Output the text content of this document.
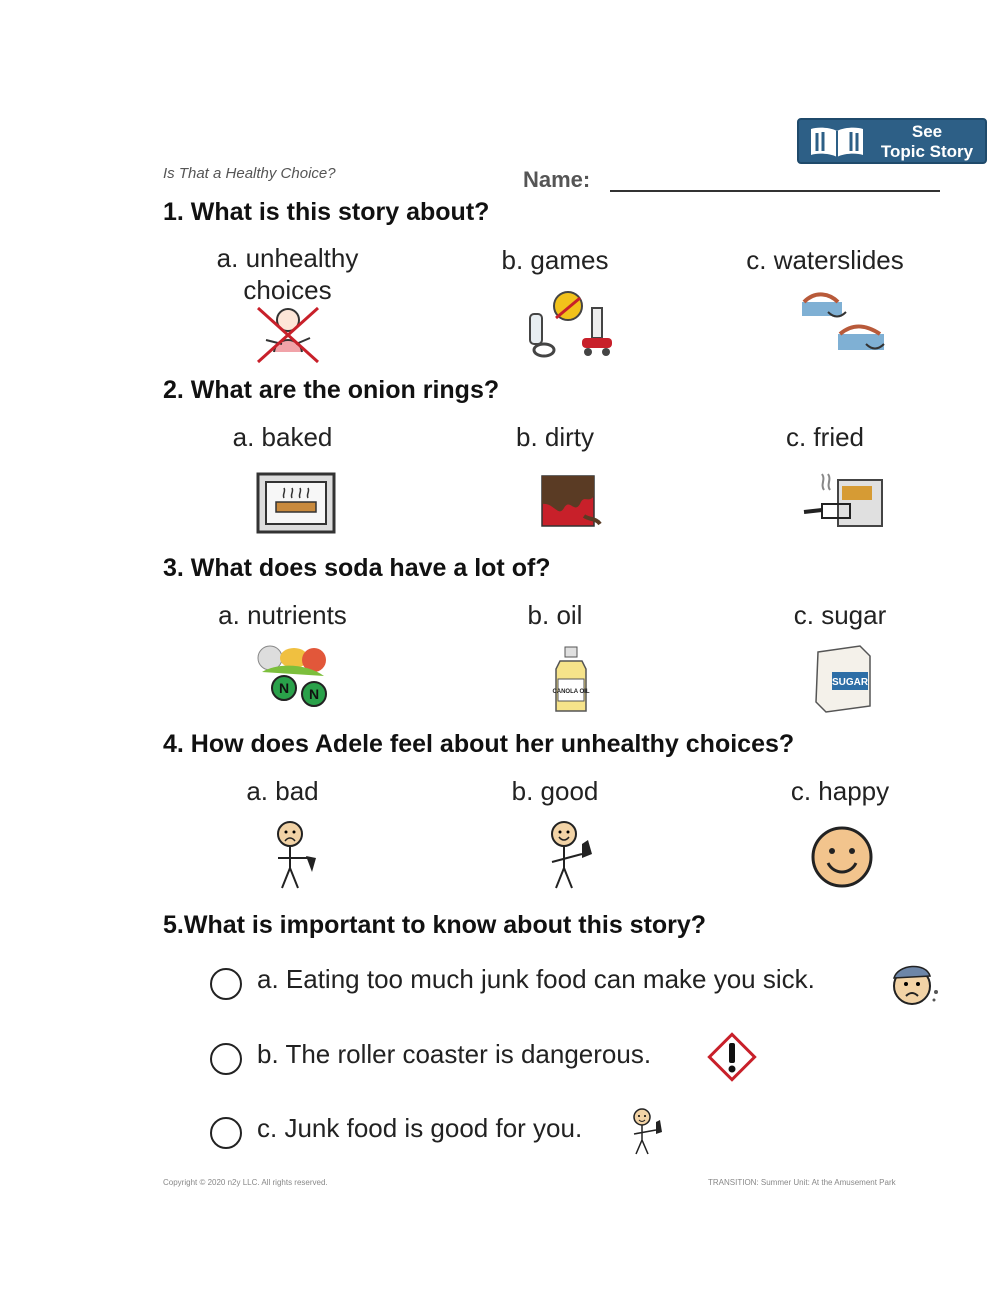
See
Topic Story
Is That a Healthy Choice?	Name:
1. What is this story about?
a. unhealthy choices
b. games	c. waterslides
2. What are the onion rings?
a. baked	b. dirty	c. fried
3. What does soda have a lot of?
a. nutrients	b. oil	c. sugar
N N	CANOLA OIL
SUGAR
4. How does Adele feel about her unhealthy choices?
a. bad	b. good	c. happy
5.What is important to know about this story?
a. Eating too much junk food can make you sick.
b. The roller coaster is dangerous.
c. Junk food is good for you.
Copyright © 2020 n2y LLC. All rights reserved.	TRANSITION: Summer Unit: At the Amusement Park
